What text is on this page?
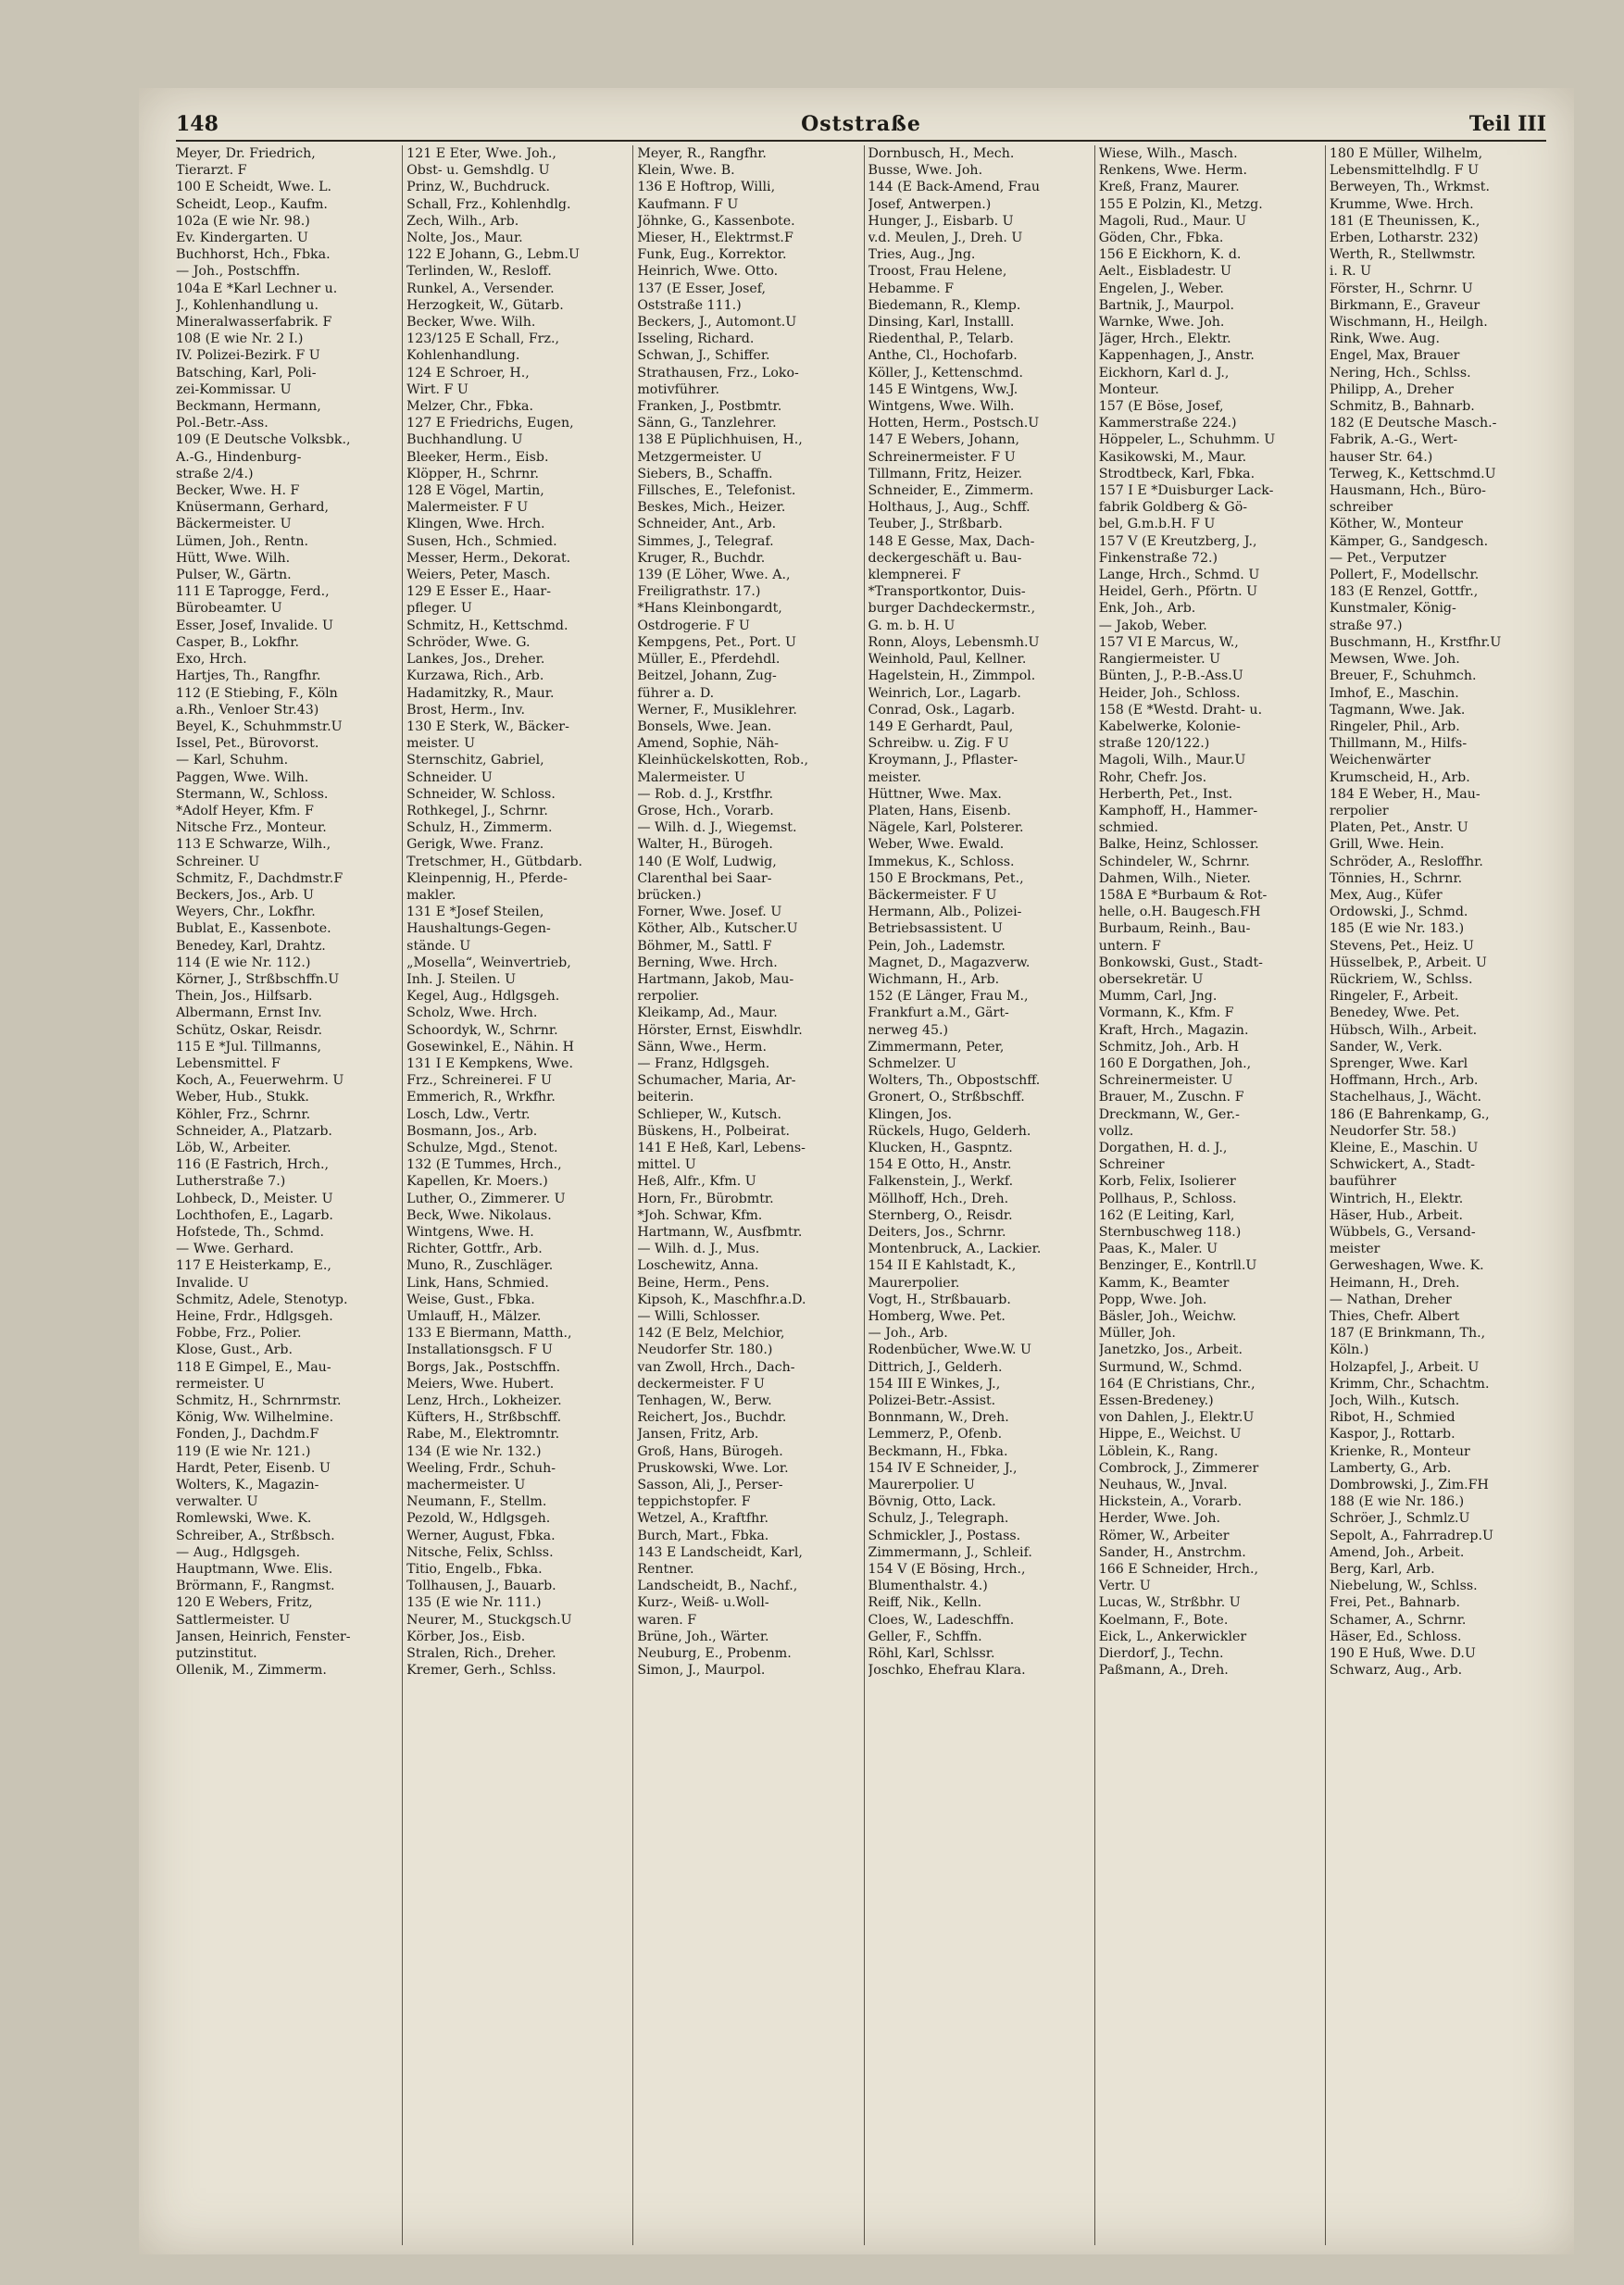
148	Oststraße	Teil III
Meyer, Dr. Friedrich,
Tierarzt. F
100 E Scheidt, Wwe. L.
Scheidt, Leop., Kaufm.
102a (E wie Nr. 98.)
Ev. Kindergarten. U
Buchhorst, Hch., Fbka.
— Joh., Postschffn.
104a E *Karl Lechner u.
J., Kohlenhandlung u.
Mineralwasserfabrik. F
108 (E wie Nr. 2 I.)
IV. Polizei-Bezirk. F U
Batsching, Karl, Poli-
zei-Kommissar. U
Beckmann, Hermann,
Pol.-Betr.-Ass.
109 (E Deutsche Volksbk.,
A.-G., Hindenburg-
straße 2/4.)
Becker, Wwe. H. F
Knüsermann, Gerhard,
Bäckermeister. U
Lümen, Joh., Rentn.
Hütt, Wwe. Wilh.
Pulser, W., Gärtn.
111 E Taprogge, Ferd.,
Bürobeamter. U
Esser, Josef, Invalide. U
Casper, B., Lokfhr.
Exo, Hrch.
Hartjes, Th., Rangfhr.
112 (E Stiebing, F., Köln
a.Rh., Venloer Str.43)
Beyel, K., Schuhmmstr.U
Issel, Pet., Bürovorst.
— Karl, Schuhm.
Paggen, Wwe. Wilh.
Stermann, W., Schloss.
*Adolf Heyer, Kfm. F
Nitsche Frz., Monteur.
113 E Schwarze, Wilh.,
Schreiner. U
Schmitz, F., Dachdmstr.F
Beckers, Jos., Arb. U
Weyers, Chr., Lokfhr.
Bublat, E., Kassenbote.
Benedey, Karl, Drahtz.
114 (E wie Nr. 112.)
Körner, J., Strßbschffn.U
Thein, Jos., Hilfsarb.
Albermann, Ernst Inv.
Schütz, Oskar, Reisdr.
115 E *Jul. Tillmanns,
Lebensmittel. F
Koch, A., Feuerwehrm. U
Weber, Hub., Stukk.
Köhler, Frz., Schrnr.
Schneider, A., Platzarb.
Löb, W., Arbeiter.
116 (E Fastrich, Hrch.,
Lutherstraße 7.)
Lohbeck, D., Meister. U
Lochthofen, E., Lagarb.
Hofstede, Th., Schmd.
— Wwe. Gerhard.
117 E Heisterkamp, E.,
Invalide. U
Schmitz, Adele, Stenotyp.
Heine, Frdr., Hdlgsgeh.
Fobbe, Frz., Polier.
Klose, Gust., Arb.
118 E Gimpel, E., Mau-
rermeister. U
Schmitz, H., Schrnrmstr.
König, Ww. Wilhelmine.
Fonden, J., Dachdm.F
119 (E wie Nr. 121.)
Hardt, Peter, Eisenb. U
Wolters, K., Magazin-
verwalter. U
Romlewski, Wwe. K.
Schreiber, A., Strßbsch.
— Aug., Hdlgsgeh.
Hauptmann, Wwe. Elis.
Brörmann, F., Rangmst.
120 E Webers, Fritz,
Sattlermeister. U
Jansen, Heinrich, Fenster-
putzinstitut.
Ollenik, M., Zimmerm.
121 E Eter, Wwe. Joh.,
Obst- u. Gemshdlg. U
Prinz, W., Buchdruck.
Schall, Frz., Kohlenhdlg.
Zech, Wilh., Arb.
Nolte, Jos., Maur.
122 E Johann, G., Lebm.U
Terlinden, W., Resloff.
Runkel, A., Versender.
Herzogkeit, W., Gütarb.
Becker, Wwe. Wilh.
123/125 E Schall, Frz.,
Kohlenhandlung.
124 E Schroer, H.,
Wirt. F U
Melzer, Chr., Fbka.
127 E Friedrichs, Eugen,
Buchhandlung. U
Bleeker, Herm., Eisb.
Klöpper, H., Schrnr.
128 E Vögel, Martin,
Malermeister. F U
Klingen, Wwe. Hrch.
Susen, Hch., Schmied.
Messer, Herm., Dekorat.
Weiers, Peter, Masch.
129 E Esser E., Haar-
pfleger. U
Schmitz, H., Kettschmd.
Schröder, Wwe. G.
Lankes, Jos., Dreher.
Kurzawa, Rich., Arb.
Hadamitzky, R., Maur.
Brost, Herm., Inv.
130 E Sterk, W., Bäcker-
meister. U
Sternschitz, Gabriel,
Schneider. U
Schneider, W. Schloss.
Rothkegel, J., Schrnr.
Schulz, H., Zimmerm.
Gerigk, Wwe. Franz.
Tretschmer, H., Gütbdarb.
Kleinpennig, H., Pferde-
makler.
131 E *Josef Steilen,
Haushaltungs-Gegen-
stände. U
„Mosella“, Weinvertrieb,
Inh. J. Steilen. U
Kegel, Aug., Hdlgsgeh.
Scholz, Wwe. Hrch.
Schoordyk, W., Schrnr.
Gosewinkel, E., Nähin. H
131 I E Kempkens, Wwe.
Frz., Schreinerei. F U
Emmerich, R., Wrkfhr.
Losch, Ldw., Vertr.
Bosmann, Jos., Arb.
Schulze, Mgd., Stenot.
132 (E Tummes, Hrch.,
Kapellen, Kr. Moers.)
Luther, O., Zimmerer. U
Beck, Wwe. Nikolaus.
Wintgens, Wwe. H.
Richter, Gottfr., Arb.
Muno, R., Zuschläger.
Link, Hans, Schmied.
Weise, Gust., Fbka.
Umlauff, H., Mälzer.
133 E Biermann, Matth.,
Installationsgsch. F U
Borgs, Jak., Postschffn.
Meiers, Wwe. Hubert.
Lenz, Hrch., Lokheizer.
Küfters, H., Strßbschff.
Rabe, M., Elektromntr.
134 (E wie Nr. 132.)
Weeling, Frdr., Schuh-
machermeister. U
Neumann, F., Stellm.
Pezold, W., Hdlgsgeh.
Werner, August, Fbka.
Nitsche, Felix, Schlss.
Titio, Engelb., Fbka.
Tollhausen, J., Bauarb.
135 (E wie Nr. 111.)
Neurer, M., Stuckgsch.U
Körber, Jos., Eisb.
Stralen, Rich., Dreher.
Kremer, Gerh., Schlss.
Meyer, R., Rangfhr.
Klein, Wwe. B.
136 E Hoftrop, Willi,
Kaufmann. F U
Jöhnke, G., Kassenbote.
Mieser, H., Elektrmst.F
Funk, Eug., Korrektor.
Heinrich, Wwe. Otto.
137 (E Esser, Josef,
Oststraße 111.)
Beckers, J., Automont.U
Isseling, Richard.
Schwan, J., Schiffer.
Strathausen, Frz., Loko-
motivführer.
Franken, J., Postbmtr.
Sänn, G., Tanzlehrer.
138 E Püplichhuisen, H.,
Metzgermeister. U
Siebers, B., Schaffn.
Fillsches, E., Telefonist.
Beskes, Mich., Heizer.
Schneider, Ant., Arb.
Simmes, J., Telegraf.
Kruger, R., Buchdr.
139 (E Löher, Wwe. A.,
Freiligrathstr. 17.)
*Hans Kleinbongardt,
Ostdrogerie. F U
Kempgens, Pet., Port. U
Müller, E., Pferdehdl.
Beitzel, Johann, Zug-
führer a. D.
Werner, F., Musiklehrer.
Bonsels, Wwe. Jean.
Amend, Sophie, Näh-
Kleinhückelskotten, Rob.,
Malermeister. U
— Rob. d. J., Krstfhr.
Grose, Hch., Vorarb.
— Wilh. d. J., Wiegemst.
Walter, H., Bürogeh.
140 (E Wolf, Ludwig,
Clarenthal bei Saar-
brücken.)
Forner, Wwe. Josef. U
Köther, Alb., Kutscher.U
Böhmer, M., Sattl. F
Berning, Wwe. Hrch.
Hartmann, Jakob, Mau-
rerpolier.
Kleikamp, Ad., Maur.
Hörster, Ernst, Eiswhdlr.
Sänn, Wwe., Herm.
— Franz, Hdlgsgeh.
Schumacher, Maria, Ar-
beiterin.
Schlieper, W., Kutsch.
Büskens, H., Polbeirat.
141 E Heß, Karl, Lebens-
mittel. U
Heß, Alfr., Kfm. U
Horn, Fr., Bürobmtr.
*Joh. Schwar, Kfm.
Hartmann, W., Ausfbmtr.
— Wilh. d. J., Mus.
Loschewitz, Anna.
Beine, Herm., Pens.
Kipsoh, K., Maschfhr.a.D.
— Willi, Schlosser.
142 (E Belz, Melchior,
Neudorfer Str. 180.)
van Zwoll, Hrch., Dach-
deckermeister. F U
Tenhagen, W., Berw.
Reichert, Jos., Buchdr.
Jansen, Fritz, Arb.
Groß, Hans, Bürogeh.
Pruskowski, Wwe. Lor.
Sasson, Ali, J., Perser-
teppichstopfer. F
Wetzel, A., Kraftfhr.
Burch, Mart., Fbka.
143 E Landscheidt, Karl,
Rentner.
Landscheidt, B., Nachf.,
Kurz-, Weiß- u.Woll-
waren. F
Brüne, Joh., Wärter.
Neuburg, E., Probenm.
Simon, J., Maurpol.
Dornbusch, H., Mech.
Busse, Wwe. Joh.
144 (E Back-Amend, Frau
Josef, Antwerpen.)
Hunger, J., Eisbarb. U
v.d. Meulen, J., Dreh. U
Tries, Aug., Jng.
Troost, Frau Helene,
Hebamme. F
Biedemann, R., Klemp.
Dinsing, Karl, Installl.
Riedenthal, P., Telarb.
Anthe, Cl., Hochofarb.
Köller, J., Kettenschmd.
145 E Wintgens, Ww.J.
Wintgens, Wwe. Wilh.
Hotten, Herm., Postsch.U
147 E Webers, Johann,
Schreinermeister. F U
Tillmann, Fritz, Heizer.
Schneider, E., Zimmerm.
Holthaus, J., Aug., Schff.
Teuber, J., Strßbarb.
148 E Gesse, Max, Dach-
deckergeschäft u. Bau-
klempnerei. F
*Transportkontor, Duis-
burger Dachdeckermstr.,
G. m. b. H. U
Ronn, Aloys, Lebensmh.U
Weinhold, Paul, Kellner.
Hagelstein, H., Zimmpol.
Weinrich, Lor., Lagarb.
Conrad, Osk., Lagarb.
149 E Gerhardt, Paul,
Schreibw. u. Zig. F U
Kroymann, J., Pflaster-
meister.
Hüttner, Wwe. Max.
Platen, Hans, Eisenb.
Nägele, Karl, Polsterer.
Weber, Wwe. Ewald.
Immekus, K., Schloss.
150 E Brockmans, Pet.,
Bäckermeister. F U
Hermann, Alb., Polizei-
Betriebsassistent. U
Pein, Joh., Lademstr.
Magnet, D., Magazverw.
Wichmann, H., Arb.
152 (E Länger, Frau M.,
Frankfurt a.M., Gärt-
nerweg 45.)
Zimmermann, Peter,
Schmelzer. U
Wolters, Th., Obpostschff.
Gronert, O., Strßbschff.
Klingen, Jos.
Rückels, Hugo, Gelderh.
Klucken, H., Gaspntz.
154 E Otto, H., Anstr.
Falkenstein, J., Werkf.
Möllhoff, Hch., Dreh.
Sternberg, O., Reisdr.
Deiters, Jos., Schrnr.
Montenbruck, A., Lackier.
154 II E Kahlstadt, K.,
Maurerpolier.
Vogt, H., Strßbauarb.
Homberg, Wwe. Pet.
— Joh., Arb.
Rodenbücher, Wwe.W. U
Dittrich, J., Gelderh.
154 III E Winkes, J.,
Polizei-Betr.-Assist.
Bonnmann, W., Dreh.
Lemmerz, P., Ofenb.
Beckmann, H., Fbka.
154 IV E Schneider, J.,
Maurerpolier. U
Bövnig, Otto, Lack.
Schulz, J., Telegraph.
Schmickler, J., Postass.
Zimmermann, J., Schleif.
154 V (E Bösing, Hrch.,
Blumenthalstr. 4.)
Reiff, Nik., Kelln.
Cloes, W., Ladeschffn.
Geller, F., Schffn.
Röhl, Karl, Schlssr.
Joschko, Ehefrau Klara.
Wiese, Wilh., Masch.
Renkens, Wwe. Herm.
Kreß, Franz, Maurer.
155 E Polzin, Kl., Metzg.
Magoli, Rud., Maur. U
Göden, Chr., Fbka.
156 E Eickhorn, K. d.
Aelt., Eisbladestr. U
Engelen, J., Weber.
Bartnik, J., Maurpol.
Warnke, Wwe. Joh.
Jäger, Hrch., Elektr.
Kappenhagen, J., Anstr.
Eickhorn, Karl d. J.,
Monteur.
157 (E Böse, Josef,
Kammerstraße 224.)
Höppeler, L., Schuhmm. U
Kasikowski, M., Maur.
Strodtbeck, Karl, Fbka.
157 I E *Duisburger Lack-
fabrik Goldberg & Gö-
bel, G.m.b.H. F U
157 V (E Kreutzberg, J.,
Finkenstraße 72.)
Lange, Hrch., Schmd. U
Heidel, Gerh., Pförtn. U
Enk, Joh., Arb.
— Jakob, Weber.
157 VI E Marcus, W.,
Rangiermeister. U
Bünten, J., P.-B.-Ass.U
Heider, Joh., Schloss.
158 (E *Westd. Draht- u.
Kabelwerke, Kolonie-
straße 120/122.)
Magoli, Wilh., Maur.U
Rohr, Chefr. Jos.
Herberth, Pet., Inst.
Kamphoff, H., Hammer-
schmied.
Balke, Heinz, Schlosser.
Schindeler, W., Schrnr.
Dahmen, Wilh., Nieter.
158A E *Burbaum & Rot-
helle, o.H. Baugesch.FH
Burbaum, Reinh., Bau-
untern. F
Bonkowski, Gust., Stadt-
obersekretär. U
Mumm, Carl, Jng.
Vormann, K., Kfm. F
Kraft, Hrch., Magazin.
Schmitz, Joh., Arb. H
160 E Dorgathen, Joh.,
Schreinermeister. U
Brauer, M., Zuschn. F
Dreckmann, W., Ger.-
vollz.
Dorgathen, H. d. J.,
Schreiner
Korb, Felix, Isolierer
Pollhaus, P., Schloss.
162 (E Leiting, Karl,
Sternbuschweg 118.)
Paas, K., Maler. U
Benzinger, E., Kontrll.U
Kamm, K., Beamter
Popp, Wwe. Joh.
Bäsler, Joh., Weichw.
Müller, Joh.
Janetzko, Jos., Arbeit.
Surmund, W., Schmd.
164 (E Christians, Chr.,
Essen-Bredeney.)
von Dahlen, J., Elektr.U
Hippe, E., Weichst. U
Löblein, K., Rang.
Combrock, J., Zimmerer
Neuhaus, W., Jnval.
Hickstein, A., Vorarb.
Herder, Wwe. Joh.
Römer, W., Arbeiter
Sander, H., Anstrchm.
166 E Schneider, Hrch.,
Vertr. U
Lucas, W., Strßbhr. U
Koelmann, F., Bote.
Eick, L., Ankerwickler
Dierdorf, J., Techn.
Paßmann, A., Dreh.
180 E Müller, Wilhelm,
Lebensmittelhdlg. F U
Berweyen, Th., Wrkmst.
Krumme, Wwe. Hrch.
181 (E Theunissen, K.,
Erben, Lotharstr. 232)
Werth, R., Stellwmstr.
i. R. U
Förster, H., Schrnr. U
Birkmann, E., Graveur
Wischmann, H., Heilgh.
Rink, Wwe. Aug.
Engel, Max, Brauer
Nering, Hch., Schlss.
Philipp, A., Dreher
Schmitz, B., Bahnarb.
182 (E Deutsche Masch.-
Fabrik, A.-G., Wert-
hauser Str. 64.)
Terweg, K., Kettschmd.U
Hausmann, Hch., Büro-
schreiber
Köther, W., Monteur
Kämper, G., Sandgesch.
— Pet., Verputzer
Pollert, F., Modellschr.
183 (E Renzel, Gottfr.,
Kunstmaler, König-
straße 97.)
Buschmann, H., Krstfhr.U
Mewsen, Wwe. Joh.
Breuer, F., Schuhmch.
Imhof, E., Maschin.
Tagmann, Wwe. Jak.
Ringeler, Phil., Arb.
Thillmann, M., Hilfs-
Weichenwärter
Krumscheid, H., Arb.
184 E Weber, H., Mau-
rerpolier
Platen, Pet., Anstr. U
Grill, Wwe. Hein.
Schröder, A., Resloffhr.
Tönnies, H., Schrnr.
Mex, Aug., Küfer
Ordowski, J., Schmd.
185 (E wie Nr. 183.)
Stevens, Pet., Heiz. U
Hüsselbek, P., Arbeit. U
Rückriem, W., Schlss.
Ringeler, F., Arbeit.
Benedey, Wwe. Pet.
Hübsch, Wilh., Arbeit.
Sander, W., Verk.
Sprenger, Wwe. Karl
Hoffmann, Hrch., Arb.
Stachelhaus, J., Wächt.
186 (E Bahrenkamp, G.,
Neudorfer Str. 58.)
Kleine, E., Maschin. U
Schwickert, A., Stadt-
bauführer
Wintrich, H., Elektr.
Häser, Hub., Arbeit.
Wübbels, G., Versand-
meister
Gerweshagen, Wwe. K.
Heimann, H., Dreh.
— Nathan, Dreher
Thies, Chefr. Albert
187 (E Brinkmann, Th.,
Köln.)
Holzapfel, J., Arbeit. U
Krimm, Chr., Schachtm.
Joch, Wilh., Kutsch.
Ribot, H., Schmied
Kaspor, J., Rottarb.
Krienke, R., Monteur
Lamberty, G., Arb.
Dombrowski, J., Zim.FH
188 (E wie Nr. 186.)
Schröer, J., Schmlz.U
Sepolt, A., Fahrradrep.U
Amend, Joh., Arbeit.
Berg, Karl, Arb.
Niebelung, W., Schlss.
Frei, Pet., Bahnarb.
Schamer, A., Schrnr.
Häser, Ed., Schloss.
190 E Huß, Wwe. D.U
Schwarz, Aug., Arb.
